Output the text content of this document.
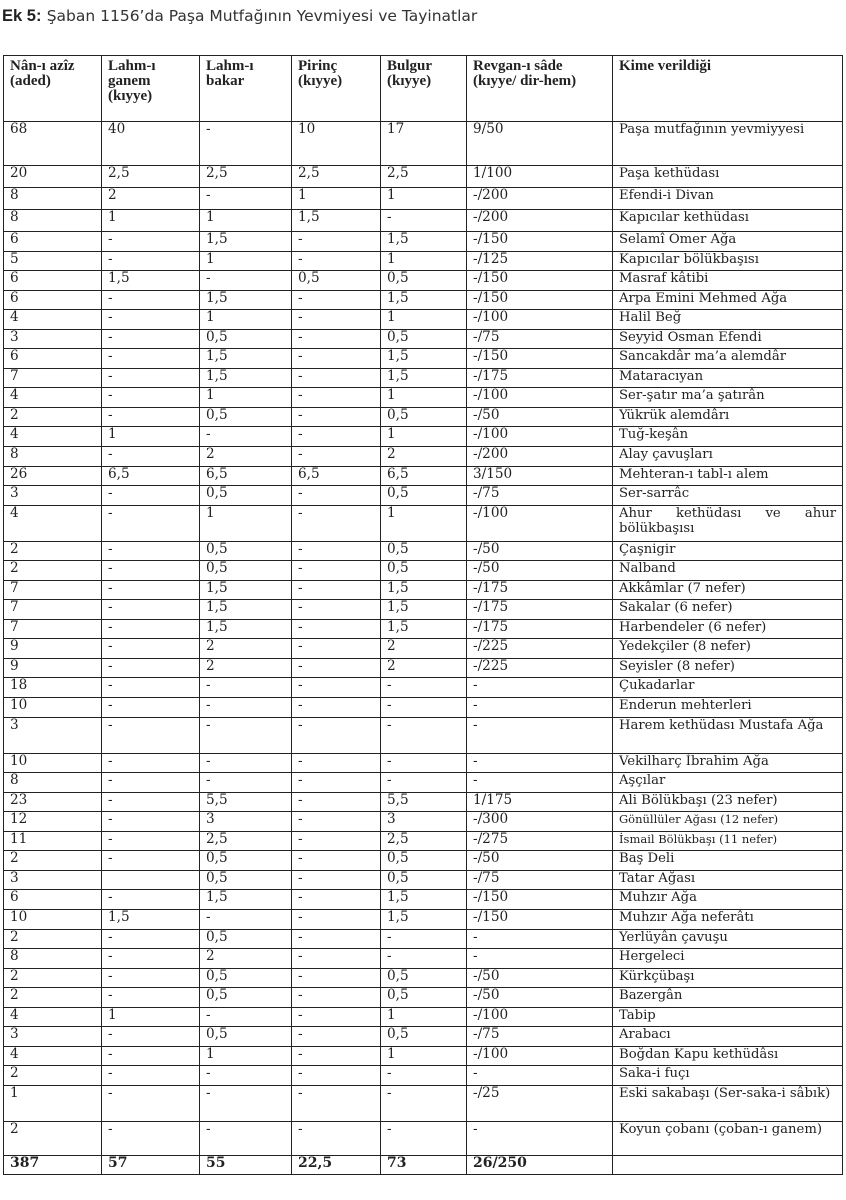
Ek 5: Şaban 1156’da Paşa Mutfağının Yevmiyesi ve Tayinatlar
Nân-ı azîz (aded)	Lahm-ı ganem (kıyye)	Lahm-ı bakar	Pirinç (kıyye)	Bulgur (kıyye)	Revgan-ı sâde (kıyye/ dir-hem)	Kime verildiği
68	40	-	10	17	9/50	Paşa mutfağının yevmiyyesi
20	2,5	2,5	2,5	2,5	1/100	Paşa kethüdası
8	2	-	1	1	-/200	Efendi-i Divan
8	1	1	1,5	-	-/200	Kapıcılar kethüdası
6	-	1,5	-	1,5	-/150	Selamî Ömer Ağa
5	-	1	-	1	-/125	Kapıcılar bölükbaşısı
6	1,5	-	0,5	0,5	-/150	Masraf kâtibi
6	-	1,5	-	1,5	-/150	Arpa Emini Mehmed Ağa
4	-	1	-	1	-/100	Halil Beğ
3	-	0,5	-	0,5	-/75	Seyyid Osman Efendi
6	-	1,5	-	1,5	-/150	Sancakdâr ma’a alemdâr
7	-	1,5	-	1,5	-/175	Mataracıyan
4	-	1	-	1	-/100	Ser-şatır ma’a şatırân
2	-	0,5	-	0,5	-/50	Yükrük alemdârı
4	1	-	-	1	-/100	Tuğ-keşân
8	-	2	-	2	-/200	Alay çavuşları
26	6,5	6,5	6,5	6,5	3/150	Mehteran-ı tabl-ı alem
3	-	0,5	-	0,5	-/75	Ser-sarrâc
4	-	1	-	1	-/100	Ahur kethüdası ve ahur bölükbaşısı
2	-	0,5	-	0,5	-/50	Çaşnigir
2	-	0,5	-	0,5	-/50	Nalband
7	-	1,5	-	1,5	-/175	Akkâmlar (7 nefer)
7	-	1,5	-	1,5	-/175	Sakalar (6 nefer)
7	-	1,5	-	1,5	-/175	Harbendeler (6 nefer)
9	-	2	-	2	-/225	Yedekçiler (8 nefer)
9	-	2	-	2	-/225	Seyisler (8 nefer)
18	-	-	-	-	-	Çukadarlar
10	-	-	-	-	-	Enderun mehterleri
3	-	-	-	-	-	Harem kethüdası Mustafa Ağa
10	-	-	-	-	-	Vekilharç İbrahim Ağa
8	-	-	-	-	-	Aşçılar
23	-	5,5	-	5,5	1/175	Ali Bölükbaşı (23 nefer)
12	-	3	-	3	-/300	Gönüllüler Ağası (12 nefer)
11	-	2,5	-	2,5	-/275	İsmail Bölükbaşı (11 nefer)
2	-	0,5	-	0,5	-/50	Baş Deli
3		0,5	-	0,5	-/75	Tatar Ağası
6	-	1,5	-	1,5	-/150	Muhzır Ağa
10	1,5	-	-	1,5	-/150	Muhzır Ağa neferâtı
2	-	0,5	-	-	-	Yerlüyân çavuşu
8	-	2	-	-	-	Hergeleci
2	-	0,5	-	0,5	-/50	Kürkçübaşı
2	-	0,5	-	0,5	-/50	Bazergân
4	1	-	-	1	-/100	Tabip
3	-	0,5	-	0,5	-/75	Arabacı
4	-	1	-	1	-/100	Boğdan Kapu kethüdâsı
2	-	-	-	-	-	Saka-i fuçı
1	-	-	-	-	-/25	Eski sakabaşı (Ser-saka-i sâbık)
2	-	-	-	-	-	Koyun çobanı (çoban-ı ganem)
387	57	55	22,5	73	26/250	
